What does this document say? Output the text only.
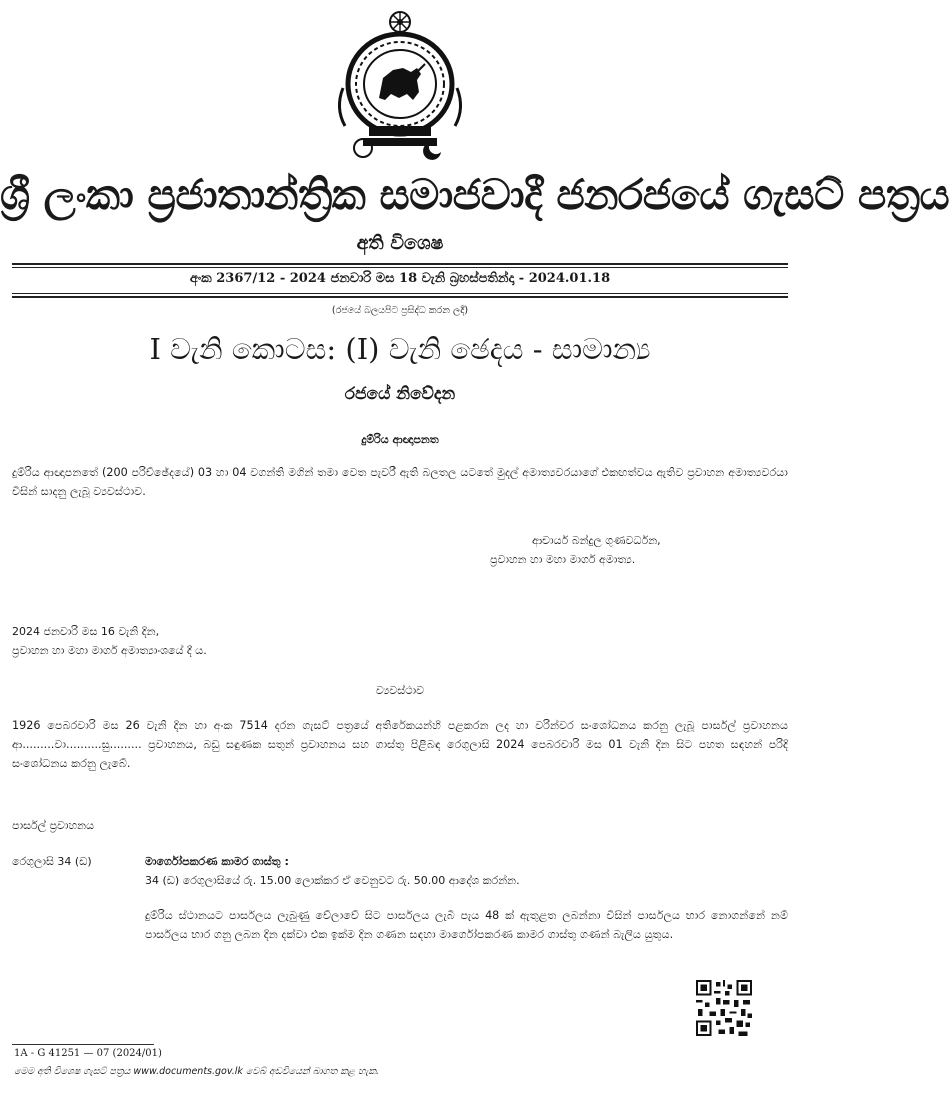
ශ්‍රී ලංකා ප්‍රජාතාන්ත්‍රික සමාජවාදී ජනරජයේ ගැසට් පත්‍රය
අති විශෙෂ
අංක 2367/12 - 2024 ජනවාරි මස 18 වැනි බ්‍රහස්පතින්දා - 2024.01.18
(රජයේ බලයපිට ප්‍රසිද්ධ කරන ලදී)
I වැනි කොටස: (I) වැනි ඡෙදය - සාමාන්‍ය
රජයේ නිවේදන
දුම්රිය ආඥාපනත
දුම්රිය ආඥාපනතේ (200 පරිච්ඡේදයේ) 03 හා 04 වගන්ති මගින් තමා වෙත පැවරී ඇති බලතල යටතේ මුදල් අමාත්‍යවරයාගේ එකඟත්වය ඇතිව ප්‍රවාහන අමාත්‍යවරයා විසින් සාදනු ලැබූ ව්‍යවස්ථාව.
ආචාර්ය බන්දුල ගුණවර්ධන,
ප්‍රවාහන හා මහා මාර්ග අමාත්‍ය.
2024 ජනවාරි මස 16 වැනි දින,
ප්‍රවාහන හා මහා මාර්ග අමාත්‍යාංශයේ දී ය.
ව්‍යවස්ථාව
1926 පෙබරවාරි මස 26 වැනි දින හා අංක 7514 දරන ගැසට් පත්‍රයේ අතිරේකයන්හි පළකරන ලද හා වරින්වර සංශෝධනය කරනු ලැබූ පාර්සල් ප්‍රවාහනය ආ.........වා..........සු......... ප්‍රවාහනය, බඩු සඳුණක සතුන් ප්‍රවාහනය සහ ගාස්තු පිළිබඳ රෙගුලාසි 2024 පෙබරවාරි මස 01 වැනි දින සිට පහත සඳහන් පරිදි සංශෝධනය කරනු ලැබේ.
පාර්සල් ප්‍රවාහනය
රෙගුලාසි 34 (ඩ)	මාර්ගෝපකරණ කාමර ගාස්තු :
34 (ඩ) රෙගුලාසියේ රු. 15.00 ලොක්කර ඒ වෙනුවට රු. 50.00 ආදේශ කරන්න.
දුම්රිය ස්ථානයට පාර්සලය ලැබුණු වේලාවේ සිට පාර්සලය ලැබී පැය 48 ක් ඇතුළත ලබන්නා විසින් පාර්සලය භාර නොගන්නේ නම් පාර්සලය භාර ගනු ලබන දින දක්වා එක ඉක්ම දින ගණන සඳහා මාර්ගෝපකරණ කාමර ගාස්තු ගණන් බැලිය යුතුය.
1A - G 41251 — 07 (2024/01)
මෙම අති විශෙෂ ගැසට් පත්‍රය www.documents.gov.lk වෙබ් අඩවියෙන් බාගත කළ හැක.
